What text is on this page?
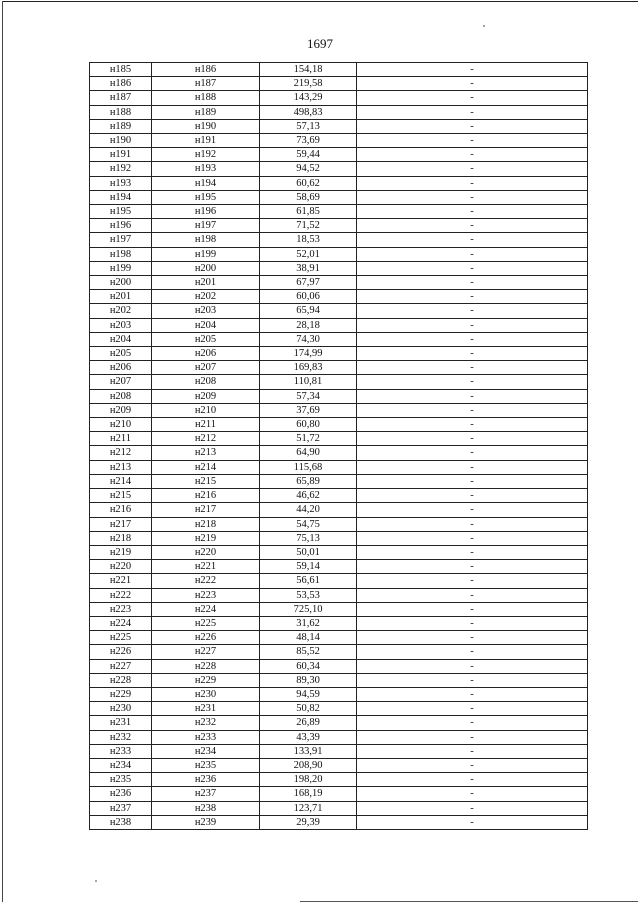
1697
н185	н186	154,18	-
н186	н187	219,58	-
н187	н188	143,29	-
н188	н189	498,83	-
н189	н190	57,13	-
н190	н191	73,69	-
н191	н192	59,44	-
н192	н193	94,52	-
н193	н194	60,62	-
н194	н195	58,69	-
н195	н196	61,85	-
н196	н197	71,52	-
н197	н198	18,53	-
н198	н199	52,01	-
н199	н200	38,91	-
н200	н201	67,97	-
н201	н202	60,06	-
н202	н203	65,94	-
н203	н204	28,18	-
н204	н205	74,30	-
н205	н206	174,99	-
н206	н207	169,83	-
н207	н208	110,81	-
н208	н209	57,34	-
н209	н210	37,69	-
н210	н211	60,80	-
н211	н212	51,72	-
н212	н213	64,90	-
н213	н214	115,68	-
н214	н215	65,89	-
н215	н216	46,62	-
н216	н217	44,20	-
н217	н218	54,75	-
н218	н219	75,13	-
н219	н220	50,01	-
н220	н221	59,14	-
н221	н222	56,61	-
н222	н223	53,53	-
н223	н224	725,10	-
н224	н225	31,62	-
н225	н226	48,14	-
н226	н227	85,52	-
н227	н228	60,34	-
н228	н229	89,30	-
н229	н230	94,59	-
н230	н231	50,82	-
н231	н232	26,89	-
н232	н233	43,39	-
н233	н234	133,91	-
н234	н235	208,90	-
н235	н236	198,20	-
н236	н237	168,19	-
н237	н238	123,71	-
н238	н239	29,39	-
